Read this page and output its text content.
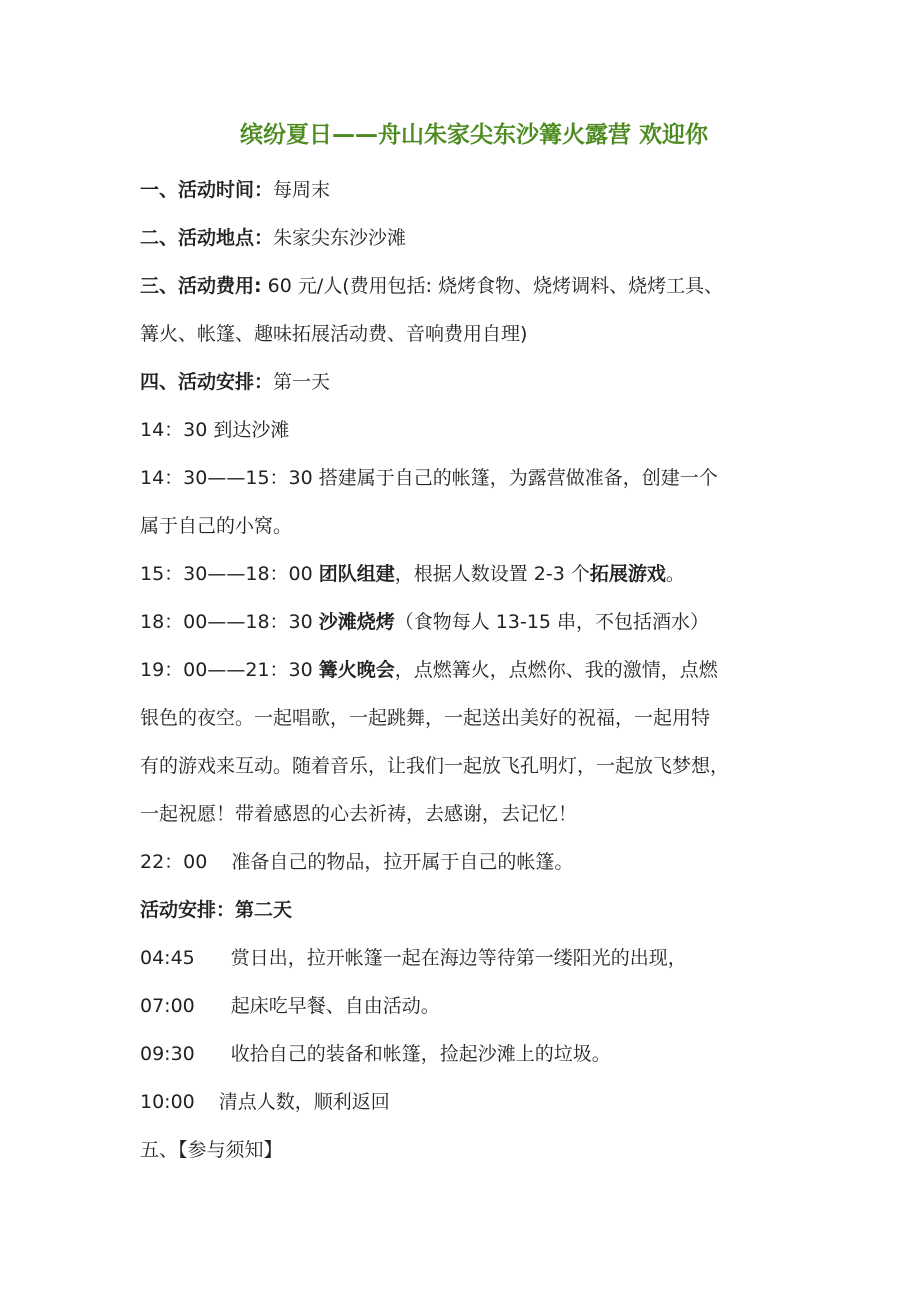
缤纷夏日——舟山朱家尖东沙篝火露营 欢迎你

一、活动时间：每周末

二、活动地点：朱家尖东沙沙滩

三、活动费用: 60 元/人(费用包括: 烧烤食物、烧烤调料、烧烤工具、

篝火、帐篷、趣味拓展活动费、音响费用自理)

四、活动安排：第一天

14：30 到达沙滩

14：30——15：30 搭建属于自己的帐篷，为露营做准备，创建一个

属于自己的小窝。

15：30——18：00 团队组建，根据人数设置 2-3 个拓展游戏。

18：00——18：30 沙滩烧烤（食物每人 13-15 串，不包括酒水）

19：00——21：30 篝火晚会，点燃篝火，点燃你、我的激情，点燃

银色的夜空。一起唱歌，一起跳舞，一起送出美好的祝福，一起用特

有的游戏来互动。随着音乐，让我们一起放飞孔明灯，一起放飞梦想，

一起祝愿！带着感恩的心去祈祷，去感谢，去记忆！

22：00 准备自己的物品，拉开属于自己的帐篷。

活动安排：第二天

04:45 赏日出，拉开帐篷一起在海边等待第一缕阳光的出现，

07:00 起床吃早餐、自由活动。

09:30 收拾自己的装备和帐篷，捡起沙滩上的垃圾。

10:00 清点人数，顺利返回

五、【参与须知】
